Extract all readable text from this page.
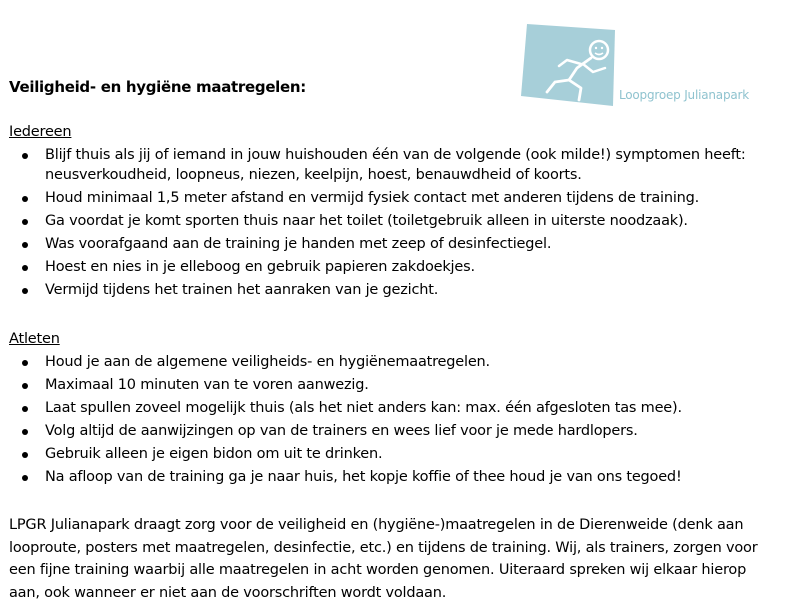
Loopgroep Julianapark
Veiligheid- en hygiëne maatregelen:
Iedereen
Blijf thuis als jij of iemand in jouw huishouden één van de volgende (ook milde!) symptomen heeft: neusverkoudheid, loopneus, niezen, keelpijn, hoest, benauwdheid of koorts.
Houd minimaal 1,5 meter afstand en vermijd fysiek contact met anderen tijdens de training.
Ga voordat je komt sporten thuis naar het toilet (toiletgebruik alleen in uiterste noodzaak).
Was voorafgaand aan de training je handen met zeep of desinfectiegel.
Hoest en nies in je elleboog en gebruik papieren zakdoekjes.
Vermijd tijdens het trainen het aanraken van je gezicht.
Atleten
Houd je aan de algemene veiligheids- en hygiënemaatregelen.
Maximaal 10 minuten van te voren aanwezig.
Laat spullen zoveel mogelijk thuis (als het niet anders kan: max. één afgesloten tas mee).
Volg altijd de aanwijzingen op van de trainers en wees lief voor je mede hardlopers.
Gebruik alleen je eigen bidon om uit te drinken.
Na afloop van de training ga je naar huis, het kopje koffie of thee houd je van ons tegoed!

LPGR Julianapark draagt zorg voor de veiligheid en (hygiëne-)maatregelen in de Dierenweide (denk aan looproute, posters met maatregelen, desinfectie, etc.) en tijdens de training. Wij, als trainers, zorgen voor een fijne training waarbij alle maatregelen in acht worden genomen. Uiteraard spreken wij elkaar hierop aan, ook wanneer er niet aan de voorschriften wordt voldaan.
